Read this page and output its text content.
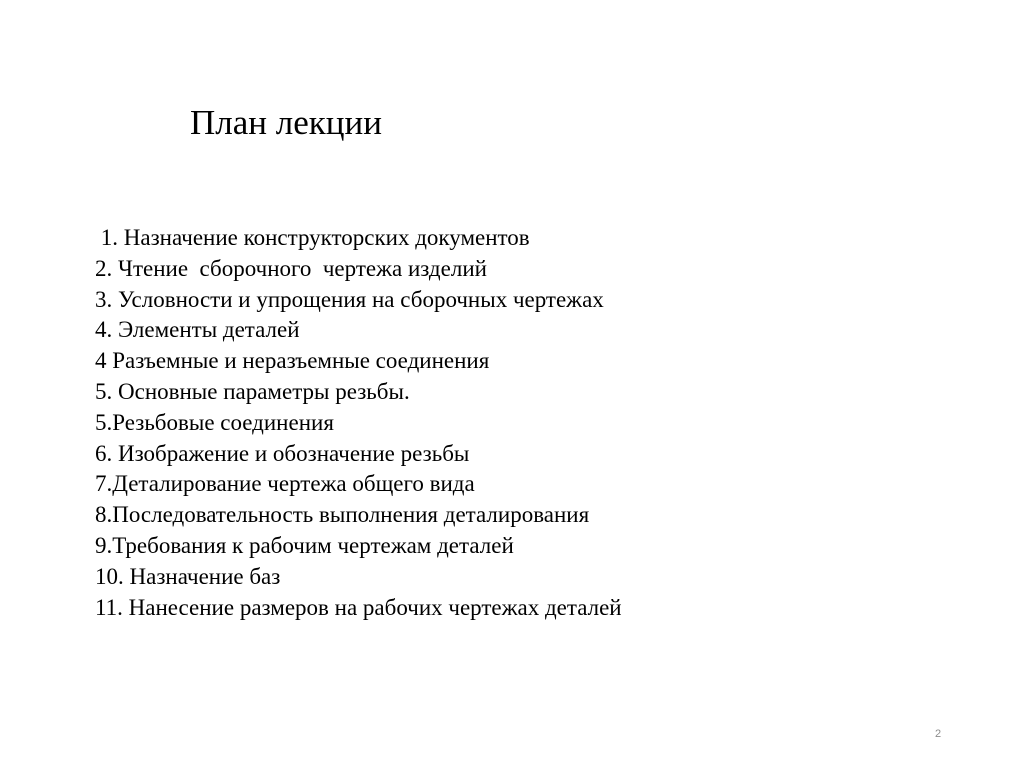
План лекции
1. Назначение конструкторских документов
2. Чтение  сборочного  чертежа изделий
3. Условности и упрощения на сборочных чертежах
4. Элементы деталей
4 Разъемные и неразъемные соединения
5. Основные параметры резьбы.
5.Резьбовые соединения
6. Изображение и обозначение резьбы
7.Деталирование чертежа общего вида
8.Последовательность выполнения деталирования
9.Требования к рабочим чертежам деталей
10. Назначение баз
11. Нанесение размеров на рабочих чертежах деталей
2
